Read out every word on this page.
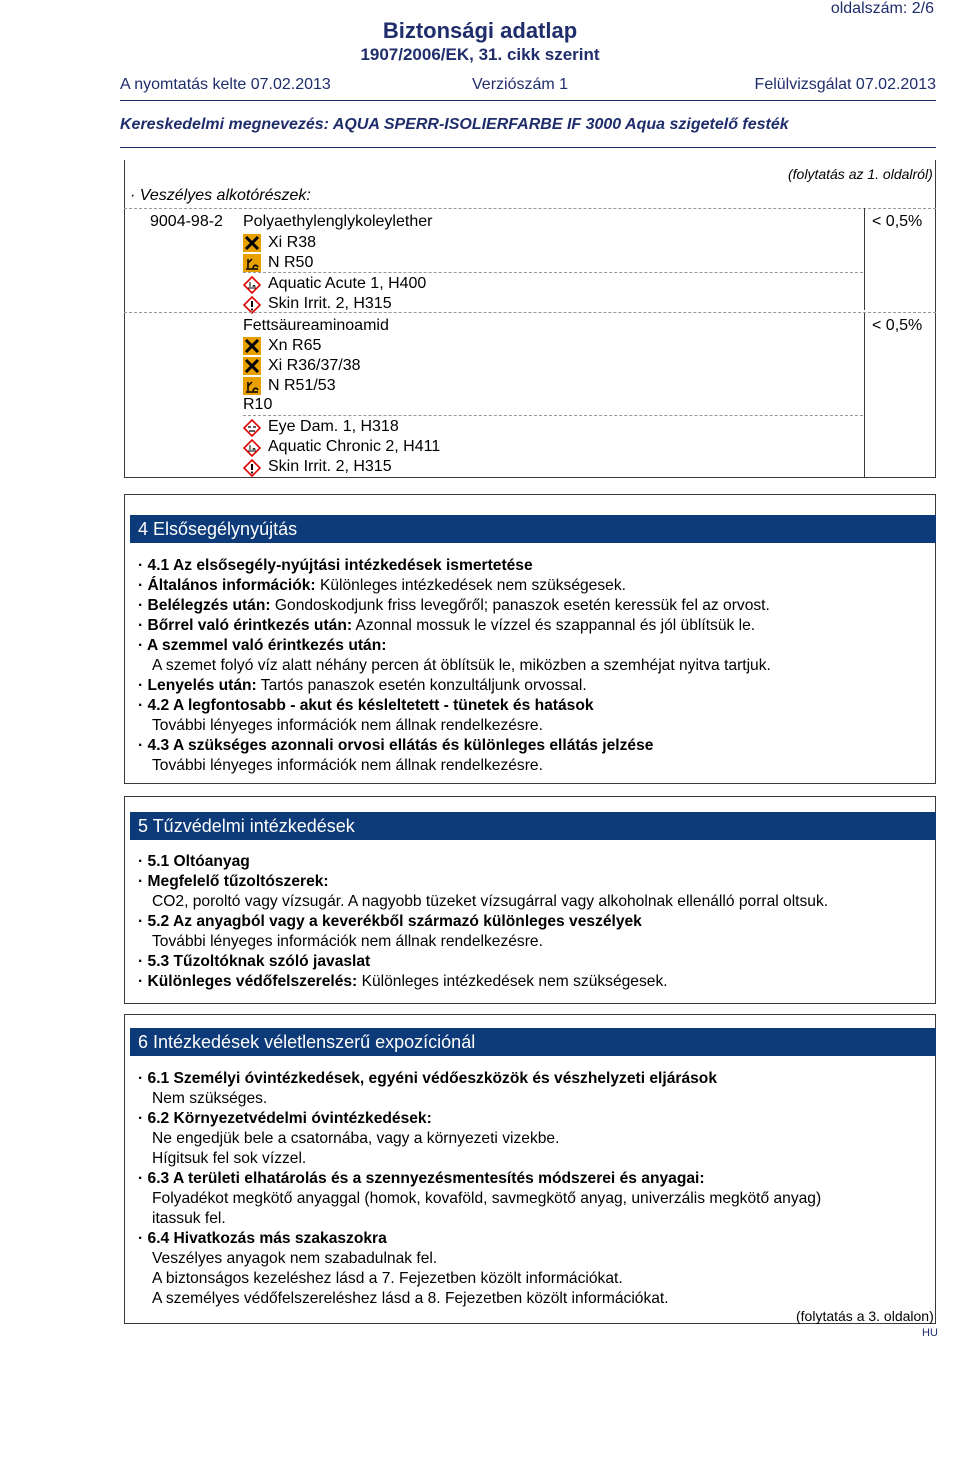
oldalszám: 2/6
Biztonsági adatlap
1907/2006/EK, 31. cikk szerint
A nyomtatás kelte 07.02.2013	Verziószám 1	Felülvizsgálat 07.02.2013
Kereskedelmi megnevezés: AQUA SPERR-ISOLIERFARBE IF 3000 Aqua szigetelő festék
(folytatás az 1. oldalról)
· Veszélyes alkotórészek:
9004-98-2 Polyaethylenglykoleylether	< 0,5%
Xi R38
N R50
Aquatic Acute 1, H400
Skin Irrit. 2, H315
Fettsäureaminoamid	< 0,5%
Xn R65
Xi R36/37/38
N R51/53
R10
Eye Dam. 1, H318
Aquatic Chronic 2, H411
Skin Irrit. 2, H315
4 Elsősegélynyújtás
· 4.1 Az elsősegély-nyújtási intézkedések ismertetése
· Általános információk: Különleges intézkedések nem szükségesek.
· Belélegzés után: Gondoskodjunk friss levegőről; panaszok esetén keressük fel az orvost.
· Bőrrel való érintkezés után: Azonnal mossuk le vízzel és szappannal és jól üblítsük le.
· A szemmel való érintkezés után:
A szemet folyó víz alatt néhány percen át öblítsük le, miközben a szemhéjat nyitva tartjuk.
· Lenyelés után: Tartós panaszok esetén konzultáljunk orvossal.
· 4.2 A legfontosabb - akut és késleltetett - tünetek és hatások
További lényeges információk nem állnak rendelkezésre.
· 4.3 A szükséges azonnali orvosi ellátás és különleges ellátás jelzése
További lényeges információk nem állnak rendelkezésre.
5 Tűzvédelmi intézkedések
· 5.1 Oltóanyag
· Megfelelő tűzoltószerek:
CO2, poroltó vagy vízsugár. A nagyobb tüzeket vízsugárral vagy alkoholnak ellenálló porral oltsuk.
· 5.2 Az anyagból vagy a keverékből származó különleges veszélyek
További lényeges információk nem állnak rendelkezésre.
· 5.3 Tűzoltóknak szóló javaslat
· Különleges védőfelszerelés: Különleges intézkedések nem szükségesek.
6 Intézkedések véletlenszerű expozíciónál
· 6.1 Személyi óvintézkedések, egyéni védőeszközök és vészhelyzeti eljárások
Nem szükséges.
· 6.2 Környezetvédelmi óvintézkedések:
Ne engedjük bele a csatornába, vagy a környezeti vizekbe.
Hígitsuk fel sok vízzel.
· 6.3 A területi elhatárolás és a szennyezésmentesítés módszerei és anyagai:
Folyadékot megkötő anyaggal (homok, kovaföld, savmegkötő anyag, univerzális megkötő anyag)
itassuk fel.
· 6.4 Hivatkozás más szakaszokra
Veszélyes anyagok nem szabadulnak fel.
A biztonságos kezeléshez lásd a 7. Fejezetben közölt információkat.
A személyes védőfelszereléshez lásd a 8. Fejezetben közölt információkat.
(folytatás a 3. oldalon)
HU
